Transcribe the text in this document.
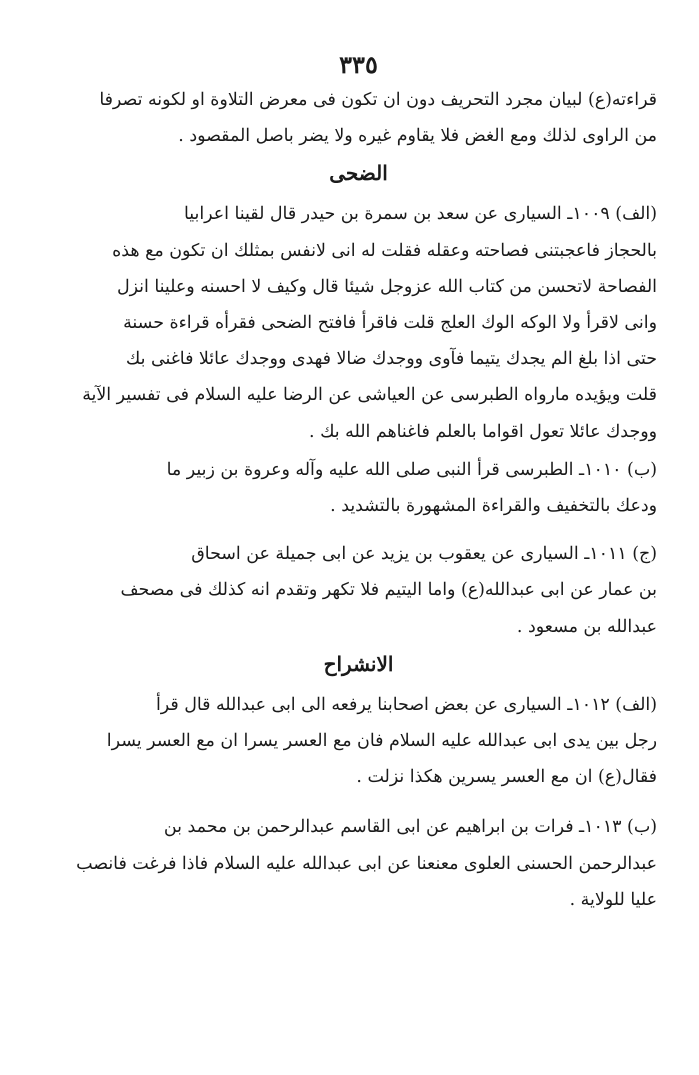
٣٣٥
قراءته(ع) لبيان مجرد التحريف دون ان تكون فى معرض التلاوة او لكونه تصرفا
من الراوى لذلك ومع الغض فلا يقاوم غيره ولا يضر باصل المقصود .
الضحى
(الف) ١٠٠٩ـ السيارى عن سعد بن سمرة بن حيدر قال لقينا اعرابيا
بالحجاز فاعجبتنى فصاحته وعقله فقلت له انى لانفس بمثلك ان تكون مع هذه
الفصاحة لاتحسن من كتاب الله عزوجل شيئا قال وكيف لا احسنه وعلينا انزل
وانى لاقرأ ولا الوكه الوك العلج قلت فاقرأ فافتح الضحى فقرأه قراءة حسنة
حتى اذا بلغ الم يجدك يتيما فآوى ووجدك ضالا فهدى ووجدك عائلا فاغنى بك
قلت ويؤيده مارواه الطبرسى عن العياشى عن الرضا عليه السلام فى تفسير الآية
ووجدك عائلا تعول اقواما بالعلم فاغناهم الله بك .
(ب) ١٠١٠ـ الطبرسى قرأ النبى صلى الله عليه وآله وعروة بن زبير ما
ودعك بالتخفيف والقراءة المشهورة بالتشديد .
(ج) ١٠١١ـ السيارى عن يعقوب بن يزيد عن ابى جميلة عن اسحاق
بن عمار عن ابى عبدالله(ع) واما اليتيم فلا تكهر وتقدم انه كذلك فى مصحف
عبدالله بن مسعود .
الانشراح
(الف) ١٠١٢ـ السيارى عن بعض اصحابنا يرفعه الى ابى عبدالله قال قرأ
رجل بين يدى ابى عبدالله عليه السلام فان مع العسر يسرا ان مع العسر يسرا
فقال(ع) ان مع العسر يسرين هكذا نزلت .
(ب) ١٠١٣ـ فرات بن ابراهيم عن ابى القاسم عبدالرحمن بن محمد بن
عبدالرحمن الحسنى العلوى معنعنا عن ابى عبدالله عليه السلام فاذا فرغت فانصب
عليا للولاية .
